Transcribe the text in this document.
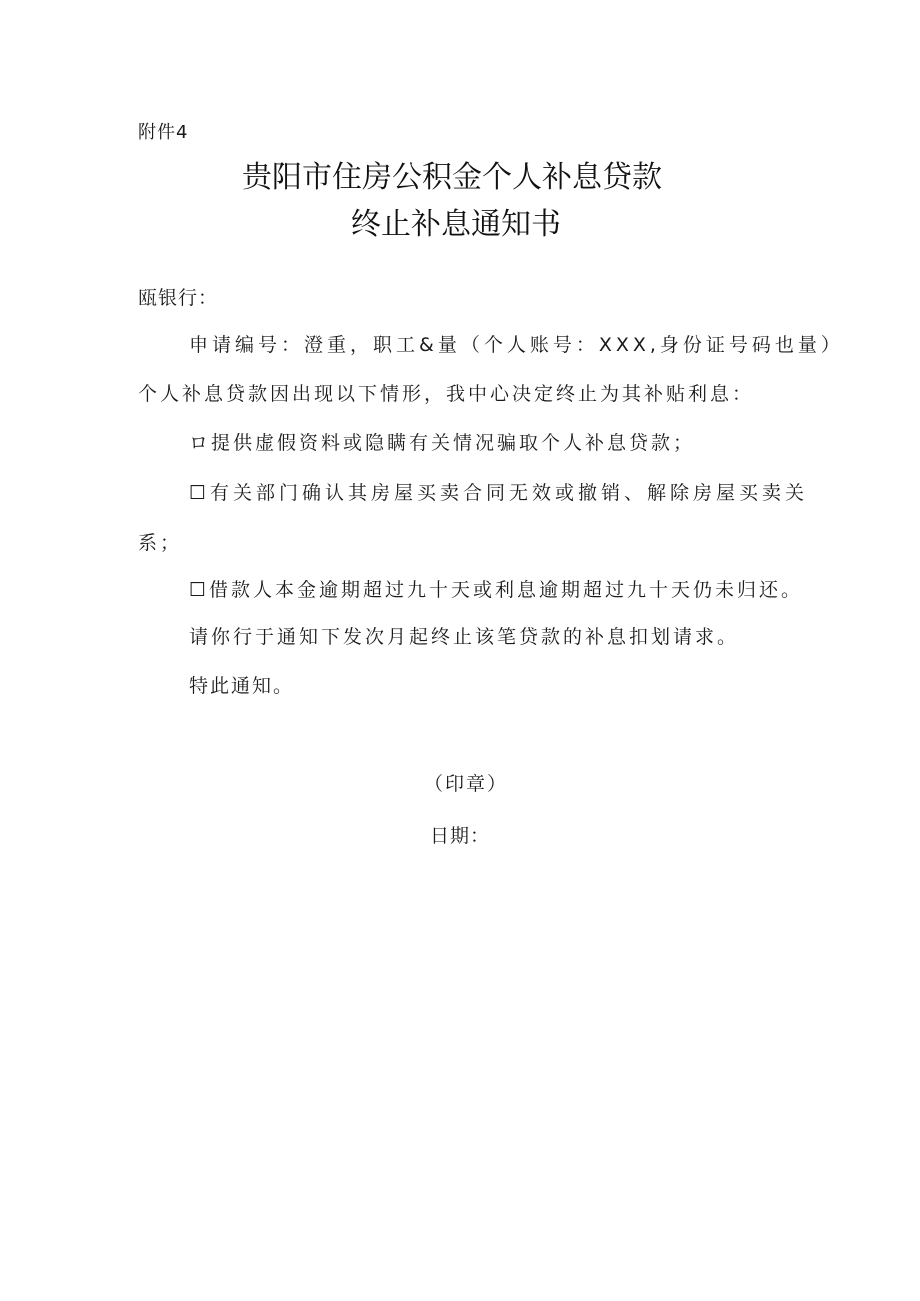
附件4
贵阳市住房公积金个人补息贷款
终止补息通知书
瓯银行：
申请编号：澄重，职工&量（个人账号：XXX,身份证号码也量）
个人补息贷款因出现以下情形，我中心决定终止为其补贴利息：
ロ提供虚假资料或隐瞒有关情况骗取个人补息贷款；
☐有关部门确认其房屋买卖合同无效或撤销、解除房屋买卖关
系；
☐借款人本金逾期超过九十天或利息逾期超过九十天仍未归还。
请你行于通知下发次月起终止该笔贷款的补息扣划请求。
特此通知。
（印章）
日期：
